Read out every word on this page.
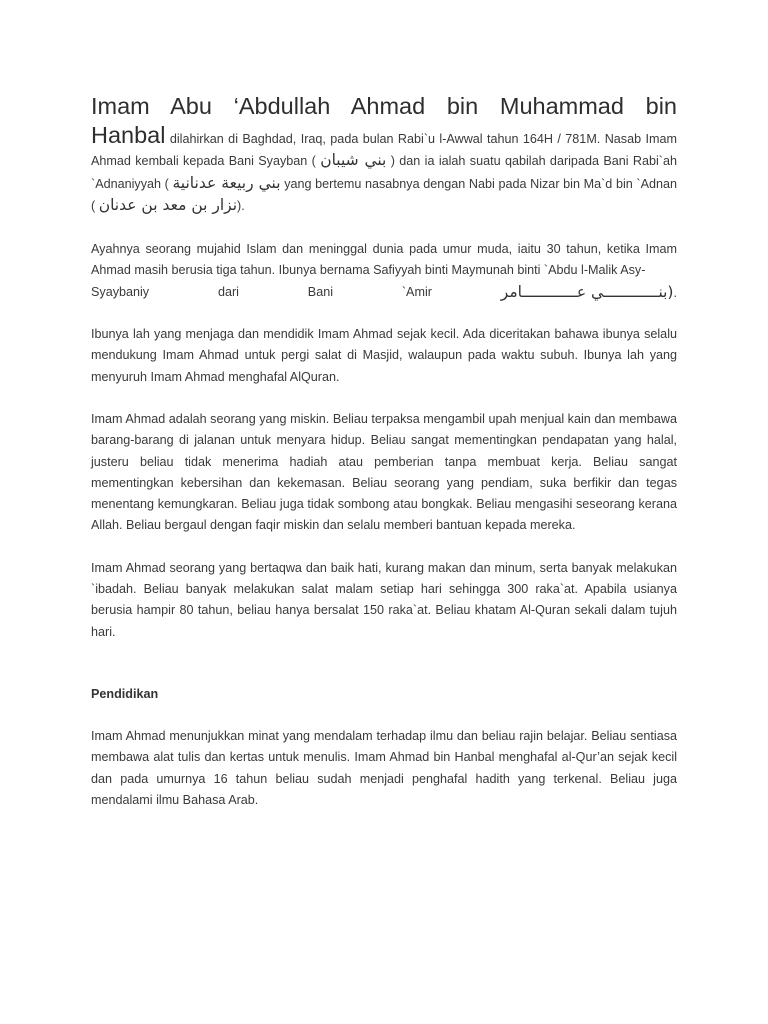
Imam Abu ‘Abdullah Ahmad bin Muhammad bin
Hanbal dilahirkan di Baghdad, Iraq, pada bulan Rabi`u l-Awwal tahun 164H / 781M. Nasab Imam Ahmad kembali kepada Bani Syayban ( بني شيبان ) dan ia ialah suatu qabilah daripada Bani Rabi`ah `Adnaniyyah ( بني ربيعة عدنانية yang bertemu nasabnya dengan Nabi pada Nizar bin Ma`d bin `Adnan ( نزار بن معد بن عدنان).

Ayahnya seorang mujahid Islam dan meninggal dunia pada umur muda, iaitu 30 tahun, ketika Imam Ahmad masih berusia tiga tahun. Ibunya bernama Safiyyah binti Maymunah binti `Abdu l-Malik Asy-

Syaybaniy	dari	Bani	`Amir	(بنــــــــــــي عــــــــــــامر.

Ibunya lah yang menjaga dan mendidik Imam Ahmad sejak kecil. Ada diceritakan bahawa ibunya selalu mendukung Imam Ahmad untuk pergi salat di Masjid, walaupun pada waktu subuh. Ibunya lah yang menyuruh Imam Ahmad menghafal AlQuran.

Imam Ahmad adalah seorang yang miskin. Beliau terpaksa mengambil upah menjual kain dan membawa barang-barang di jalanan untuk menyara hidup. Beliau sangat mementingkan pendapatan yang halal, justeru beliau tidak menerima hadiah atau pemberian tanpa membuat kerja. Beliau sangat mementingkan kebersihan dan kekemasan. Beliau seorang yang pendiam, suka berfikir dan tegas menentang kemungkaran. Beliau juga tidak sombong atau bongkak. Beliau mengasihi seseorang kerana Allah. Beliau bergaul dengan faqir miskin dan selalu memberi bantuan kepada mereka.

Imam Ahmad seorang yang bertaqwa dan baik hati, kurang makan dan minum, serta banyak melakukan `ibadah. Beliau banyak melakukan salat malam setiap hari sehingga 300 raka`at. Apabila usianya berusia hampir 80 tahun, beliau hanya bersalat 150 raka`at. Beliau khatam Al-Quran sekali dalam tujuh hari.

Pendidikan

Imam Ahmad menunjukkan minat yang mendalam terhadap ilmu dan beliau rajin belajar. Beliau sentiasa membawa alat tulis dan kertas untuk menulis. Imam Ahmad bin Hanbal menghafal al-Qur’an sejak kecil dan pada umurnya 16 tahun beliau sudah menjadi penghafal hadith yang terkenal. Beliau juga mendalami ilmu Bahasa Arab.
